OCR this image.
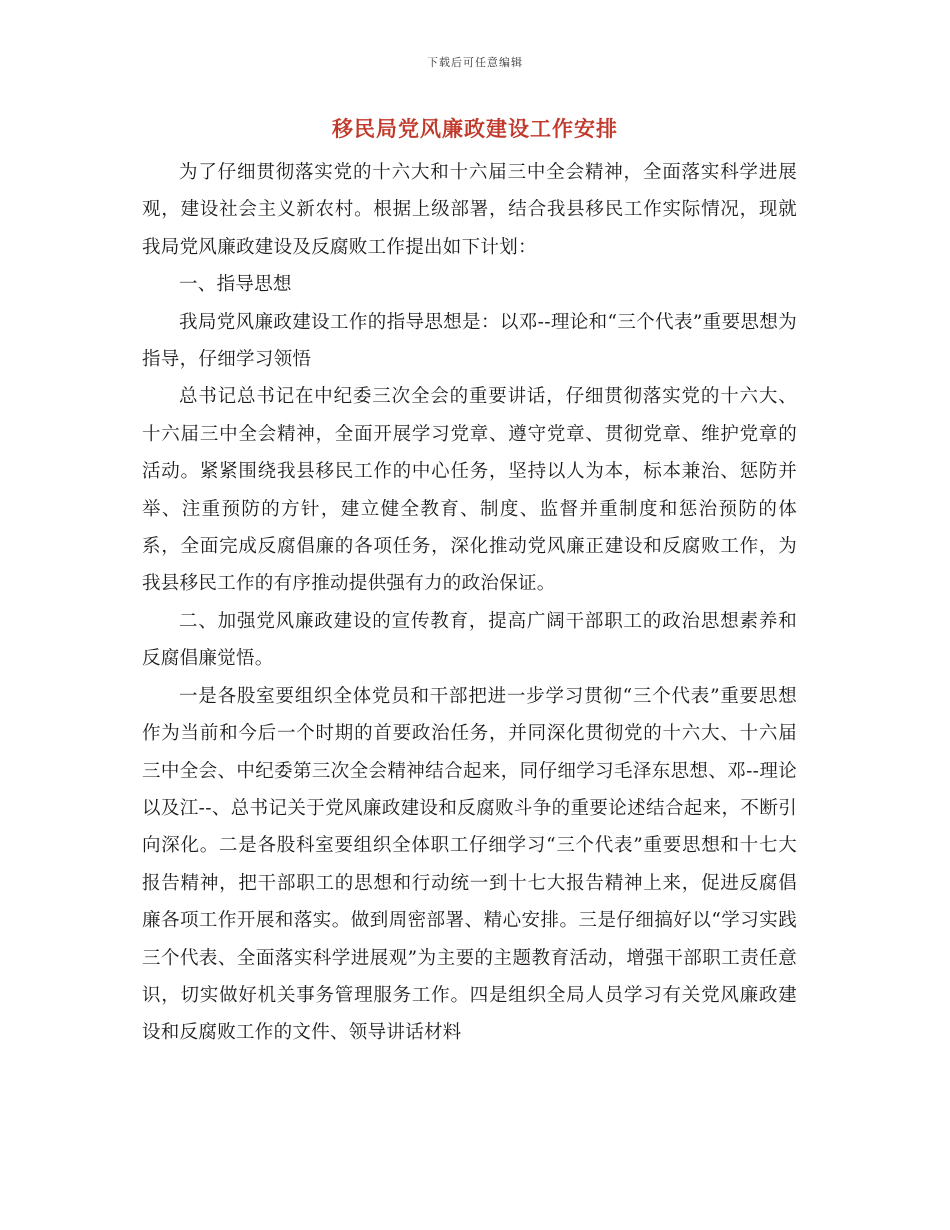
下载后可任意编辑
移民局党风廉政建设工作安排

为了仔细贯彻落实党的十六大和十六届三中全会精神，全面落实科学进展观，建设社会主义新农村。根据上级部署，结合我县移民工作实际情况，现就我局党风廉政建设及反腐败工作提出如下计划：

一、指导思想

我局党风廉政建设工作的指导思想是：以邓--理论和“三个代表”重要思想为指导，仔细学习领悟

总书记总书记在中纪委三次全会的重要讲话，仔细贯彻落实党的十六大、十六届三中全会精神，全面开展学习党章、遵守党章、贯彻党章、维护党章的活动。紧紧围绕我县移民工作的中心任务，坚持以人为本，标本兼治、惩防并举、注重预防的方针，建立健全教育、制度、监督并重制度和惩治预防的体系，全面完成反腐倡廉的各项任务，深化推动党风廉正建设和反腐败工作，为我县移民工作的有序推动提供强有力的政治保证。

二、加强党风廉政建设的宣传教育，提高广阔干部职工的政治思想素养和反腐倡廉觉悟。

一是各股室要组织全体党员和干部把进一步学习贯彻“三个代表”重要思想作为当前和今后一个时期的首要政治任务，并同深化贯彻党的十六大、十六届三中全会、中纪委第三次全会精神结合起来，同仔细学习毛泽东思想、邓--理论以及江--、总书记关于党风廉政建设和反腐败斗争的重要论述结合起来，不断引向深化。二是各股科室要组织全体职工仔细学习“三个代表”重要思想和十七大报告精神，把干部职工的思想和行动统一到十七大报告精神上来，促进反腐倡廉各项工作开展和落实。做到周密部署、精心安排。三是仔细搞好以“学习实践三个代表、全面落实科学进展观”为主要的主题教育活动，增强干部职工责任意识，切实做好机关事务管理服务工作。四是组织全局人员学习有关党风廉政建设和反腐败工作的文件、领导讲话材料
